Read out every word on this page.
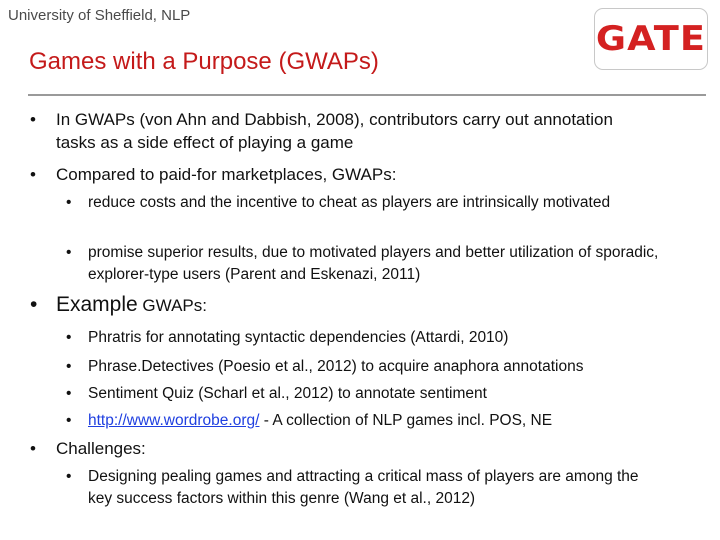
University of Sheffield, NLP
GATE
Games with a Purpose (GWAPs)
• In GWAPs (von Ahn and Dabbish, 2008), contributors carry out annotation tasks as a side effect of playing a game
• Compared to paid-for marketplaces, GWAPs:
• reduce costs and the incentive to cheat as players are intrinsically motivated
• promise superior results, due to motivated players and better utilization of sporadic, explorer-type users (Parent and Eskenazi, 2011)
• Example GWAPs:
• Phratris for annotating syntactic dependencies (Attardi, 2010)
• Phrase.Detectives (Poesio et al., 2012) to acquire anaphora annotations
• Sentiment Quiz (Scharl et al., 2012) to annotate sentiment
• http://www.wordrobe.org/ - A collection of NLP games incl. POS, NE
• Challenges:
• Designing pealing games and attracting a critical mass of players are among the key success factors within this genre (Wang et al., 2012)
